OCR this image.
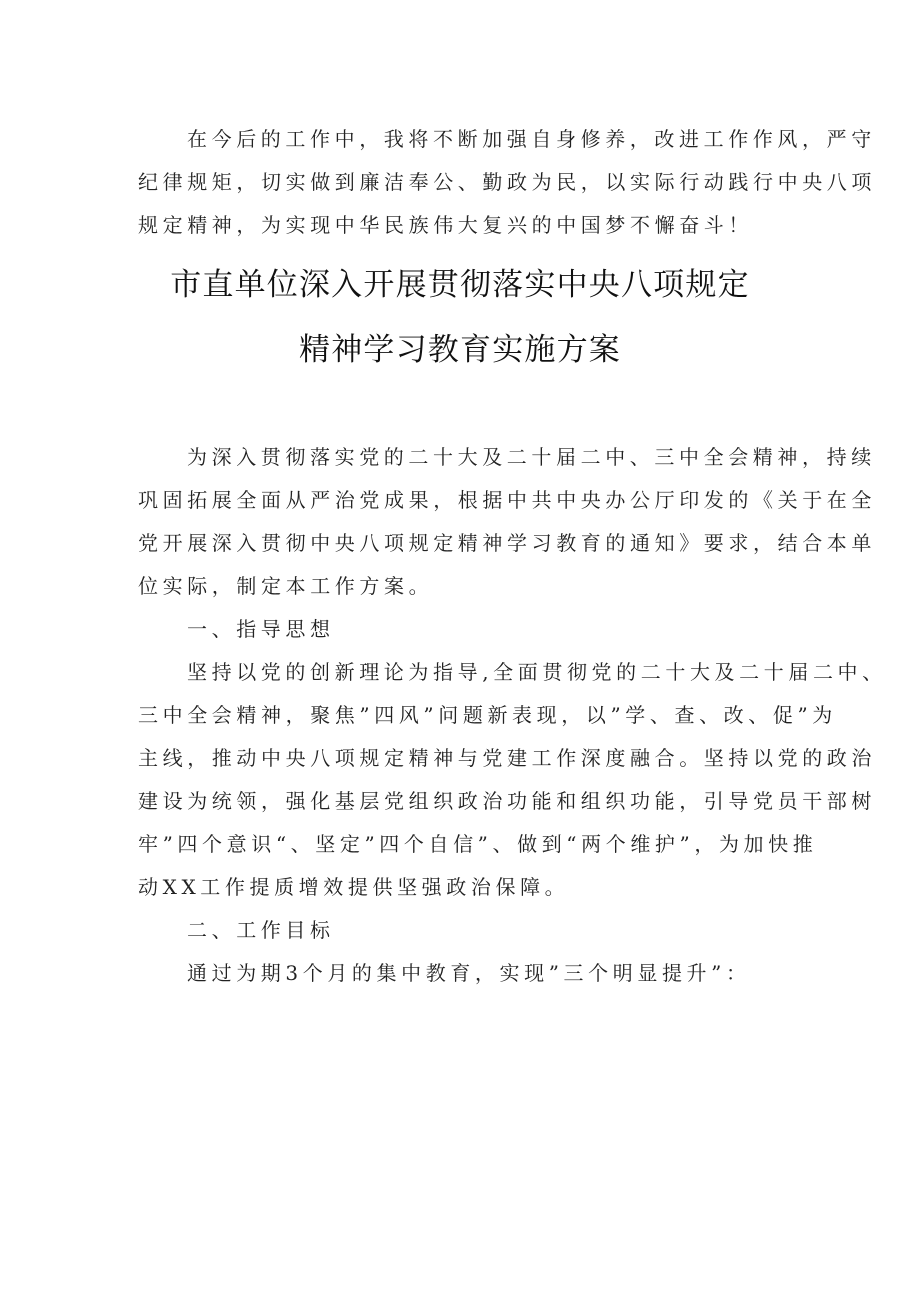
在今后的工作中，我将不断加强自身修养，改进工作作风，严守
纪律规矩，切实做到廉洁奉公、勤政为民，以实际行动践行中央八项
规定精神，为实现中华民族伟大复兴的中国梦不懈奋斗！
市直单位深入开展贯彻落实中央八项规定
精神学习教育实施方案
为深入贯彻落实党的二十大及二十届二中、三中全会精神，持续
巩固拓展全面从严治党成果，根据中共中央办公厅印发的《关于在全
党开展深入贯彻中央八项规定精神学习教育的通知》要求，结合本单
位实际，制定本工作方案。
一、指导思想
坚持以党的创新理论为指导,全面贯彻党的二十大及二十届二中、
三中全会精神，聚焦”四风”问题新表现，以”学、查、改、促”为
主线，推动中央八项规定精神与党建工作深度融合。坚持以党的政治
建设为统领，强化基层党组织政治功能和组织功能，引导党员干部树
牢”四个意识“、坚定”四个自信”、做到“两个维护”，为加快推
动XX工作提质增效提供坚强政治保障。
二、工作目标
通过为期3个月的集中教育，实现”三个明显提升”：
